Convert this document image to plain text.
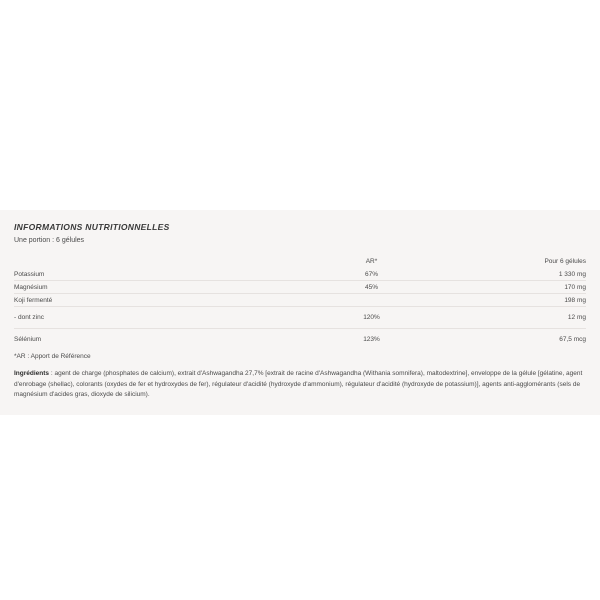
INFORMATIONS NUTRITIONNELLES
Une portion : 6 gélules
	AR*	Pour 6 gélules
Potassium	67%	1 330 mg
Magnésium	45%	170 mg
Koji fermenté		198 mg
- dont zinc	120%	12 mg
Sélénium	123%	67,5 mcg
*AR : Apport de Référence

Ingrédients : agent de charge (phosphates de calcium), extrait d'Ashwagandha 27,7% [extrait de racine d'Ashwagandha (Withania somnifera), maltodextrine], enveloppe de la gélule [gélatine, agent d'enrobage (shellac), colorants (oxydes de fer et hydroxydes de fer), régulateur d'acidité (hydroxyde d'ammonium), régulateur d'acidité (hydroxyde de potassium)], agents anti-agglomérants (sels de magnésium d'acides gras, dioxyde de silicium).
